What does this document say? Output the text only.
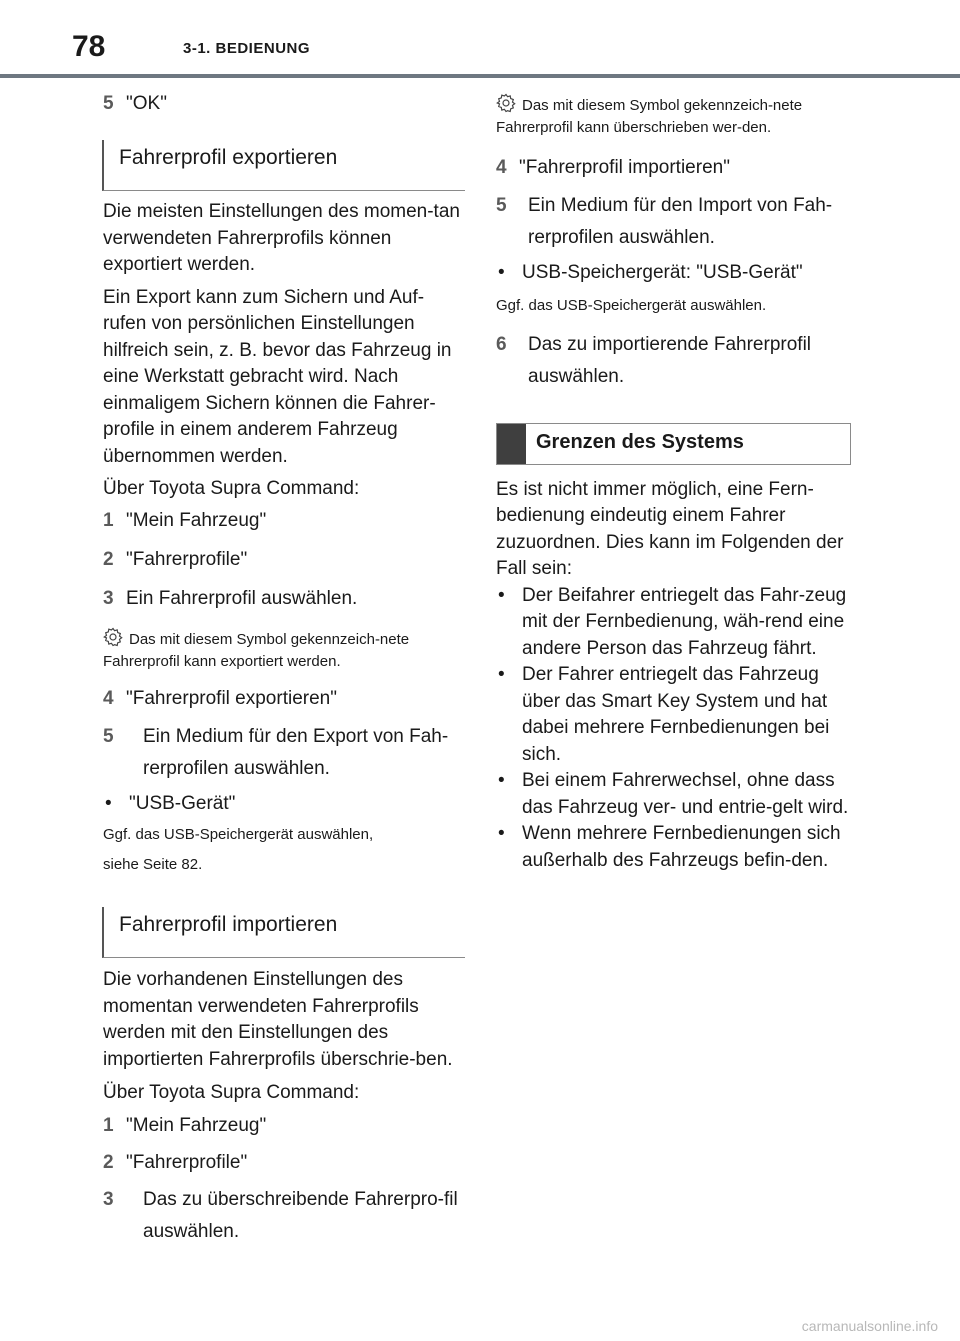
78	3-1. BEDIENUNG
5 "OK"
Fahrerprofil exportieren

Die meisten Einstellungen des momen-tan verwendeten Fahrerprofils können exportiert werden.

Ein Export kann zum Sichern und Auf-rufen von persönlichen Einstellungen hilfreich sein, z. B. bevor das Fahrzeug in eine Werkstatt gebracht wird. Nach einmaligem Sichern können die Fahrer-profile in einem anderem Fahrzeug übernommen werden.

Über Toyota Supra Command:

1 "Mein Fahrzeug"
2 "Fahrerprofile"
3 Ein Fahrerprofil auswählen.

Das mit diesem Symbol gekennzeich-nete Fahrerprofil kann exportiert werden.

4 "Fahrerprofil exportieren"
5	Ein Medium für den Export von Fah-rerprofilen auswählen.
• "USB-Gerät"

Ggf. das USB-Speichergerät auswählen,

siehe Seite 82.

Fahrerprofil importieren

Die vorhandenen Einstellungen des momentan verwendeten Fahrerprofils werden mit den Einstellungen des importierten Fahrerprofils überschrie-ben.

Über Toyota Supra Command:

1 "Mein Fahrzeug"
2 "Fahrerprofile"
3	Das zu überschreibende Fahrerpro-fil auswählen.

Das mit diesem Symbol gekennzeich-nete Fahrerprofil kann überschrieben wer-den.

4 "Fahrerprofil importieren"
5	Ein Medium für den Import von Fah-rerprofilen auswählen.
• USB-Speichergerät: "USB-Gerät"

Ggf. das USB-Speichergerät auswählen.

6	Das zu importierende Fahrerprofil auswählen.
Grenzen des Systems

Es ist nicht immer möglich, eine Fern-bedienung eindeutig einem Fahrer zuzuordnen. Dies kann im Folgenden der Fall sein:

• Der Beifahrer entriegelt das Fahr-zeug mit der Fernbedienung, wäh-rend eine andere Person das Fahrzeug fährt.
• Der Fahrer entriegelt das Fahrzeug über das Smart Key System und hat dabei mehrere Fernbedienungen bei sich.
• Bei einem Fahrerwechsel, ohne dass das Fahrzeug ver- und entrie-gelt wird.
• Wenn mehrere Fernbedienungen sich außerhalb des Fahrzeugs befin-den.
carmanualsonline.info
